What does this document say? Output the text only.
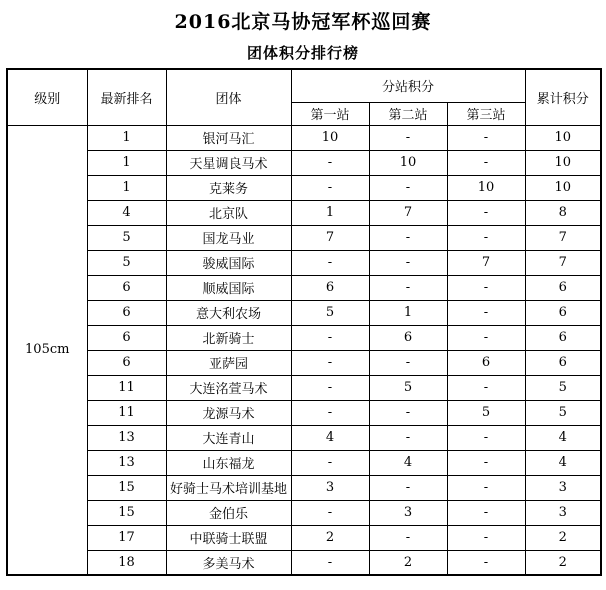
2016北京马协冠军杯巡回赛
团体积分排行榜
级别	最新排名	团体	分站积分			累计积分
			第一站	第二站	第三站	
105cm	1	银河马汇	10	-	-	10
	1	天星调良马术	-	10	-	10
	1	克莱务	-	-	10	10
	4	北京队	1	7	-	8
	5	国龙马业	7	-	-	7
	5	骏威国际	-	-	7	7
	6	顺威国际	6	-	-	6
	6	意大利农场	5	1	-	6
	6	北新骑士	-	6	-	6
	6	亚萨园	-	-	6	6
	11	大连洺萱马术	-	5	-	5
	11	龙源马术	-	-	5	5
	13	大连青山	4	-	-	4
	13	山东福龙	-	4	-	4
	15	好骑士马术培训基地	3	-	-	3
	15	金伯乐	-	3	-	3
	17	中联骑士联盟	2	-	-	2
	18	多美马术	-	2	-	2
